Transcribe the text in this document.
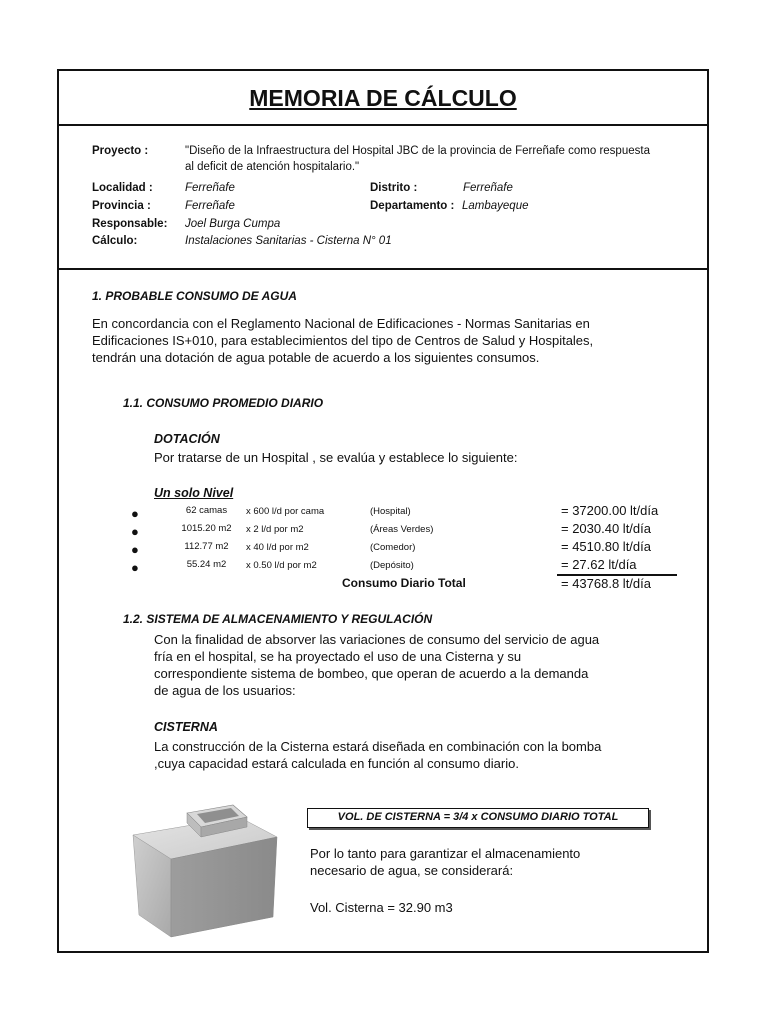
MEMORIA DE CÁLCULO
Proyecto :	"Diseño de la Infraestructura del Hospital JBC de la provincia de Ferreñafe como respuesta
al deficit de atención hospitalario."
Localidad :	Ferreñafe	Distrito :	Ferreñafe
Provincia :	Ferreñafe	Departamento : Lambayeque
Responsable: Joel Burga Cumpa
Cálculo:	Instalaciones Sanitarias - Cisterna N° 01
1. PROBABLE CONSUMO DE AGUA
En concordancia con el Reglamento Nacional de Edificaciones - Normas Sanitarias en
Edificaciones IS+010, para establecimientos del tipo de Centros de Salud y Hospitales,
tendrán una dotación de agua potable de acuerdo a los siguientes consumos.
1.1. CONSUMO PROMEDIO DIARIO
DOTACIÓN
Por tratarse de un Hospital , se evalúa y establece lo siguiente:
Un solo Nivel
●	62 camas	x 600 l/d por cama	(Hospital)	= 37200.00 lt/día
●	1015.20 m2	x 2 l/d por m2	(Áreas Verdes)	= 2030.40 lt/día
●	112.77 m2	x 40 l/d por m2	(Comedor)	= 4510.80 lt/día
●	55.24 m2	x 0.50 l/d por m2	(Depósito)	= 27.62 lt/día
Consumo Diario Total	= 43768.8 lt/día
1.2. SISTEMA DE ALMACENAMIENTO Y REGULACIÓN
Con la finalidad de absorver las variaciones de consumo del servicio de agua
fría en el hospital, se ha proyectado el uso de una Cisterna y su
correspondiente sistema de bombeo, que operan de acuerdo a la demanda
de agua de los usuarios:
CISTERNA
La construcción de la Cisterna estará diseñada en combinación con la bomba
,cuya capacidad estará calculada en función al consumo diario.
VOL. DE CISTERNA = 3/4 x CONSUMO DIARIO TOTAL
Por lo tanto para garantizar el almacenamiento
necesario de agua, se considerará:
Vol. Cisterna = 32.90 m3
